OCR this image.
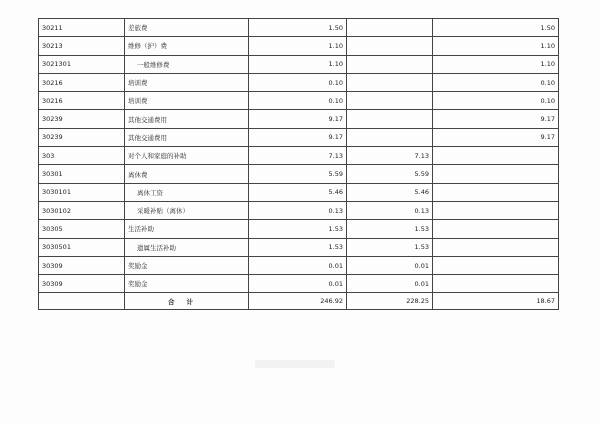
30211	差旅费	1.50		1.50
30213	维修（护）费	1.10		1.10
3021301	一般维修费	1.10		1.10
30216	培训费	0.10		0.10
30216	培训费	0.10		0.10
30239	其他交通费用	9.17		9.17
30239	其他交通费用	9.17		9.17
303	对个人和家庭的补助	7.13	7.13	
30301	离休费	5.59	5.59	
3030101	离休工资	5.46	5.46	
3030102	采暖补贴（离休）	0.13	0.13	
30305	生活补助	1.53	1.53	
3030501	遗属生活补助	1.53	1.53	
30309	奖励金	0.01	0.01	
30309	奖励金	0.01	0.01	
	合计	246.92	228.25	18.67
